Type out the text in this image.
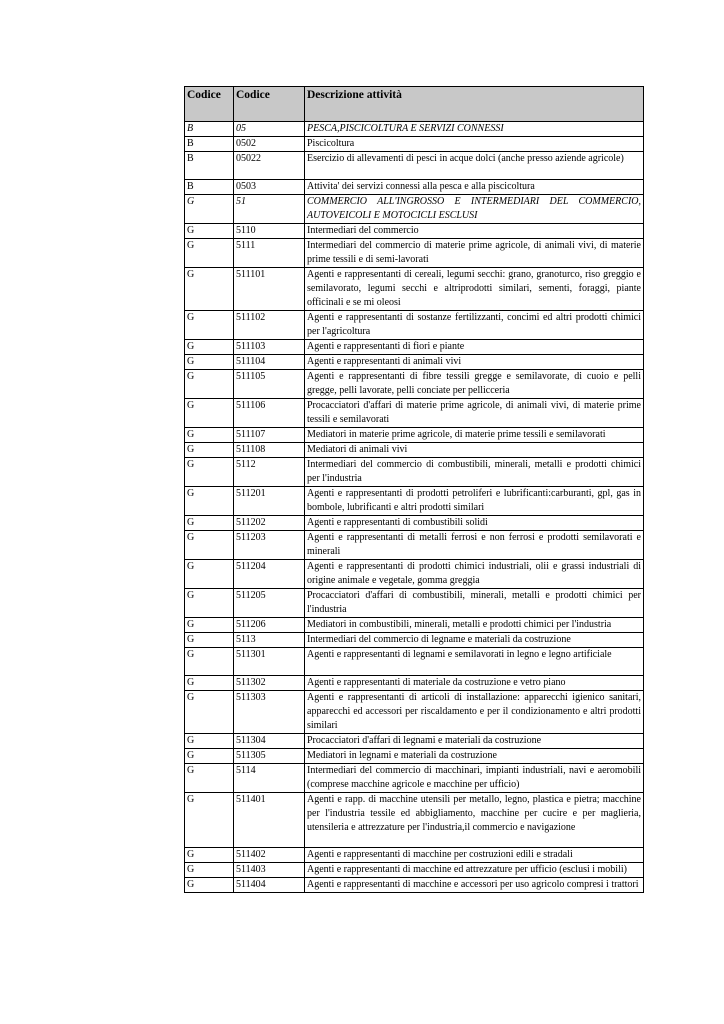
Codice	Codice	Descrizione attività
B	05	PESCA,PISCICOLTURA E SERVIZI CONNESSI
B	0502	Piscicoltura
B	05022	Esercizio di allevamenti di pesci in acque dolci (anche presso aziende agricole)
B	0503	Attivita' dei servizi connessi alla pesca e alla piscicoltura
G	51	COMMERCIO ALL'INGROSSO E INTERMEDIARI DEL COMMERCIO, AUTOVEICOLI E MOTOCICLI ESCLUSI
G	5110	Intermediari del commercio
G	5111	Intermediari del commercio di materie prime agricole, di animali vivi, di materie prime tessili e di semi-lavorati
G	511101	Agenti e rappresentanti di cereali, legumi secchi: grano, granoturco, riso greggio e semilavorato, legumi secchi e altriprodotti similari, sementi, foraggi, piante officinali e se mi oleosi
G	511102	Agenti e rappresentanti di sostanze fertilizzanti, concimi ed altri prodotti chimici per l'agricoltura
G	511103	Agenti e rappresentanti di fiori e piante
G	511104	Agenti e rappresentanti di animali vivi
G	511105	Agenti e rappresentanti di fibre tessili gregge e semilavorate, di cuoio e pelli gregge, pelli lavorate, pelli conciate per pellicceria
G	511106	Procacciatori d'affari di materie prime agricole, di animali vivi, di materie prime tessili e semilavorati
G	511107	Mediatori in materie prime agricole, di materie prime tessili e semilavorati
G	511108	Mediatori di animali vivi
G	5112	Intermediari del commercio di combustibili, minerali, metalli e prodotti chimici per l'industria
G	511201	Agenti e rappresentanti di prodotti petroliferi e lubrificanti:carburanti, gpl, gas in bombole, lubrificanti e altri prodotti similari
G	511202	Agenti e rappresentanti di combustibili solidi
G	511203	Agenti e rappresentanti di metalli ferrosi e non ferrosi e prodotti semilavorati e minerali
G	511204	Agenti e rappresentanti di prodotti chimici industriali, olii e grassi industriali di origine animale e vegetale, gomma greggia
G	511205	Procacciatori d'affari di combustibili, minerali, metalli e prodotti chimici per l'industria
G	511206	Mediatori in combustibili, minerali, metalli e prodotti chimici per l'industria
G	5113	Intermediari del commercio di legname e materiali da costruzione
G	511301	Agenti e rappresentanti di legnami e semilavorati in legno e legno artificiale
G	511302	Agenti e rappresentanti di materiale da costruzione e vetro piano
G	511303	Agenti e rappresentanti di articoli di installazione: apparecchi igienico sanitari, apparecchi ed accessori per riscaldamento e per il condizionamento e altri prodotti similari
G	511304	Procacciatori d'affari di legnami e materiali da costruzione
G	511305	Mediatori in legnami e materiali da costruzione
G	5114	Intermediari del commercio di macchinari, impianti industriali, navi e aeromobili (comprese macchine agricole e macchine per ufficio)
G	511401	Agenti e rapp. di macchine utensili per metallo, legno, plastica e pietra; macchine per l'industria tessile ed abbigliamento, macchine per cucire e per maglieria, utensileria e attrezzature per l'industria,il commercio e navigazione
G	511402	Agenti e rappresentanti di macchine per costruzioni edili e stradali
G	511403	Agenti e rappresentanti di macchine ed attrezzature per ufficio (esclusi i mobili)
G	511404	Agenti e rappresentanti di macchine e accessori per uso agricolo compresi i trattori
